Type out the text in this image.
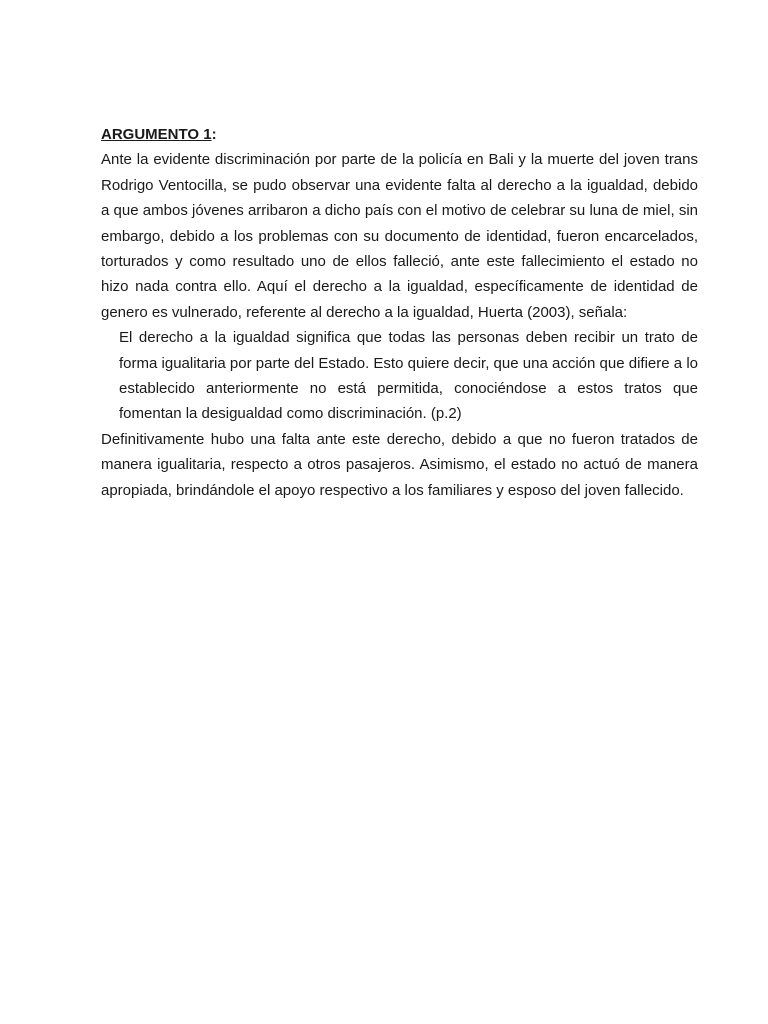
ARGUMENTO 1:

Ante la evidente discriminación por parte de la policía en Bali y la muerte del joven trans Rodrigo Ventocilla, se pudo observar una evidente falta al derecho a la igualdad, debido a que ambos jóvenes arribaron a dicho país con el motivo de celebrar su luna de miel, sin embargo, debido a los problemas con su documento de identidad, fueron encarcelados, torturados y como resultado uno de ellos falleció, ante este fallecimiento el estado no hizo nada contra ello. Aquí el derecho a la igualdad, específicamente de identidad de genero es vulnerado, referente al derecho a la igualdad, Huerta (2003), señala:

El derecho a la igualdad significa que todas las personas deben recibir un trato de forma igualitaria por parte del Estado. Esto quiere decir, que una acción que difiere a lo establecido anteriormente no está permitida, conociéndose a estos tratos que fomentan la desigualdad como discriminación. (p.2)

Definitivamente hubo una falta ante este derecho, debido a que no fueron tratados de manera igualitaria, respecto a otros pasajeros. Asimismo, el estado no actuó de manera apropiada, brindándole el apoyo respectivo a los familiares y esposo del joven fallecido.
